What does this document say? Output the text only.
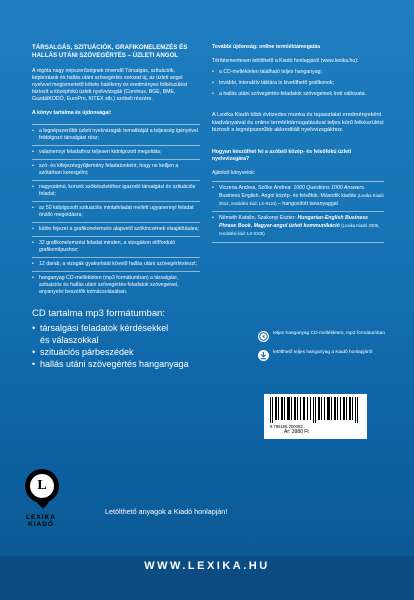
TÁRSALGÁS, SZITUÁCIÓK, GRAFIKONELEMZÉS ÉS HALLÁS UTÁNI SZÖVEGÉRTÉS – ÜZLETI ANGOL
A régóta nagy népszerűségnek örvendő Társalgás, szituációk, képleírások és hallás utáni szövegértés sorozat új, az üzleti angol nyelvvel megismertető kötete hatékony és eredményes felkészülést biztosít a középfokú üzleti nyelvvizsgák (Corvinus, BGE, BME, GazdálKODÓ, EuroPro, KITEX stb.) szóbeli részére.
A könyv tartalma és újdonságai:
• a legnépszerűbb üzleti nyelvvizsgák tematikáját a teljesség igényével feldolgozó társalgási rész;
• valamennyi feladathoz teljesen kidolgozott megoldás;
• szó- és kifejezésgyűjtemény feladatonként, hogy ne kelljen a szótárban keresgélni;
• nagyszámú, korunk szókészletéhez igazodó társalgási és szituációs feladat;
• az 50 kidolgozott szituációs mintafeladat mellett ugyanennyi feladat önálló megoldásra;
• külön fejezet a grafikonelemzés alapvető szókincsének elsajátítására;
• 32 grafikonelemzési feladat minden, a vizsgákon előforduló grafikontípushoz;
• 12 darab, a vizsgák gyakorlatát követő hallás utáni szövegértésteszt;
• hanganyag CD-mellékleten (mp3 formátumban) a társalgási, szituációs és hallás utáni szövegértés-feladatok szövegeivel, anyanyelvi beszélők tolmácsolásában.
További újdonság: online termléktámogatás
Térítésmentesen letölthető a Kiadó honlapjáról (www.lexika.hu):
• a CD-mellékleten található teljes hanganyag;
• további, interaktív táblára is kivetíthető grafikonok;
• a hallás utáni szövegértés-feladatok szövegeinek írott változata.
A Lexika Kiadó több évtizedes munka és tapasztalat eredményeként kiadványaival és online termléktámogatásával teljes körű felkészülést biztosít a legnépszerűbb akkreditált nyelvvizsgákhoz.
Hogyan készülhet fel a szóbeli közép- és felsőfokú üzleti nyelvvizsgára?
Ajánlott könyveink:
• Viczena Andrea, Szőke Andrea: 1000 Questions 1000 Answers. Business English. Angol közép- és felsőfok. Második kiadás (Lexika Kiadó 2014, rendelési kód: LX-0124) – hangosított tananyaggal
• Németh Katalin, Szakonyi Eszter: Hungarian-English Business Phrase Book. Magyar-angol üzleti kommunikáció (Lexika Kiadó 2005, rendelési kód: LX-0105)
CD tartalma mp3 formátumban:
• társalgási feladatok kérdésekkel
és válaszokkal
• szituációs párbeszédek
• hallás utáni szövegértés hanganyaga
teljes hanganyag CD-mellékleten, mp3 formátumban
letölthető teljes hanganyag a Kiadó honlapjáról
9 786155 200083
Ár: 3980 Ft
L
LEXIKA KIADÓ
Letölthető anyagok a Kiadó honlapján!
WWW.LEXIKA.HU
